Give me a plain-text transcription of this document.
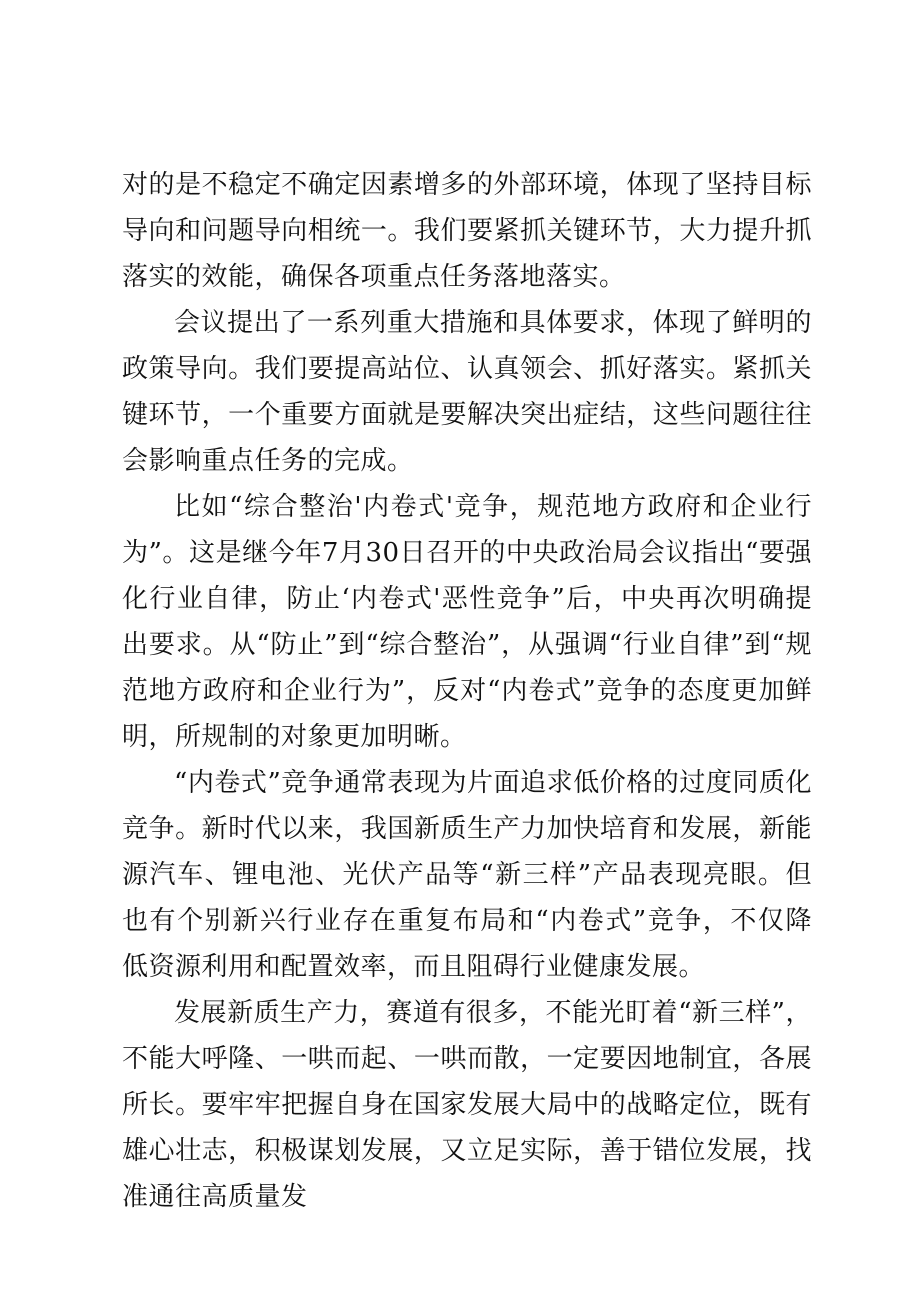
对的是不稳定不确定因素增多的外部环境，体现了坚持目标导向和问题导向相统一。我们要紧抓关键环节，大力提升抓落实的效能，确保各项重点任务落地落实。

会议提出了一系列重大措施和具体要求，体现了鲜明的政策导向。我们要提高站位、认真领会、抓好落实。紧抓关键环节，一个重要方面就是要解决突出症结，这些问题往往会影响重点任务的完成。

比如“综合整治'内卷式'竞争，规范地方政府和企业行为”。这是继今年7月30日召开的中央政治局会议指出“要强化行业自律，防止‘内卷式'恶性竞争”后，中央再次明确提出要求。从“防止”到“综合整治”，从强调“行业自律”到“规范地方政府和企业行为”，反对“内卷式”竞争的态度更加鲜明，所规制的对象更加明晰。

“内卷式”竞争通常表现为片面追求低价格的过度同质化竞争。新时代以来，我国新质生产力加快培育和发展，新能源汽车、锂电池、光伏产品等“新三样”产品表现亮眼。但也有个别新兴行业存在重复布局和“内卷式”竞争，不仅降低资源利用和配置效率，而且阻碍行业健康发展。

发展新质生产力，赛道有很多，不能光盯着“新三样”，不能大呼隆、一哄而起、一哄而散，一定要因地制宜，各展所长。要牢牢把握自身在国家发展大局中的战略定位，既有雄心壮志，积极谋划发展，又立足实际，善于错位发展，找准通往高质量发
